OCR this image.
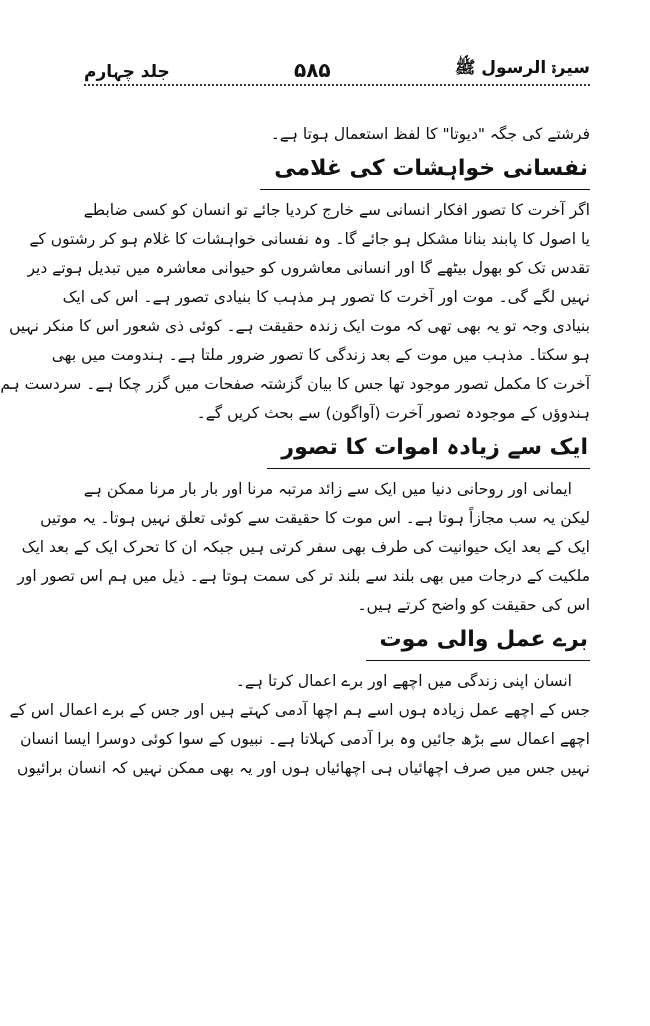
جلد چہارم	۵۸۵	سیرۃ الرسول ﷺ
فرشتے کی جگہ "دیوتا" کا لفظ استعمال ہوتا ہے۔
نفسانی خواہشات کی غلامی
اگر آخرت کا تصور افکار انسانی سے خارج کردیا جائے تو انسان کو کسی ضابطے
یا اصول کا پابند بنانا مشکل ہو جائے گا۔ وہ نفسانی خواہشات کا غلام ہو کر رشتوں کے
تقدس تک کو بھول بیٹھے گا اور انسانی معاشروں کو حیوانی معاشرہ میں تبدیل ہوتے دیر
نہیں لگے گی۔ موت اور آخرت کا تصور ہر مذہب کا بنیادی تصور ہے۔ اس کی ایک
بنیادی وجہ تو یہ بھی تھی کہ موت ایک زندہ حقیقت ہے۔ کوئی ذی شعور اس کا منکر نہیں
ہو سکتا۔ مذہب میں موت کے بعد زندگی کا تصور ضرور ملتا ہے۔ ہندومت میں بھی
آخرت کا مکمل تصور موجود تھا جس کا بیان گزشتہ صفحات میں گزر چکا ہے۔ سردست ہم
ہندوؤں کے موجودہ تصور آخرت (آواگون) سے بحث کریں گے۔
ایک سے زیادہ اموات کا تصور
ایمانی اور روحانی دنیا میں ایک سے زائد مرتبہ مرنا اور بار بار مرنا ممکن ہے
لیکن یہ سب مجازاً ہوتا ہے۔ اس موت کا حقیقت سے کوئی تعلق نہیں ہوتا۔ یہ موتیں
ایک کے بعد ایک حیوانیت کی طرف بھی سفر کرتی ہیں جبکہ ان کا تحرک ایک کے بعد ایک
ملکیت کے درجات میں بھی بلند سے بلند تر کی سمت ہوتا ہے۔ ذیل میں ہم اس تصور اور
اس کی حقیقت کو واضح کرتے ہیں۔
برے عمل والی موت
انسان اپنی زندگی میں اچھے اور برے اعمال کرتا ہے۔
جس کے اچھے عمل زیادہ ہوں اسے ہم اچھا آدمی کہتے ہیں اور جس کے برے اعمال اس کے
اچھے اعمال سے بڑھ جائیں وہ برا آدمی کہلاتا ہے۔ نبیوں کے سوا کوئی دوسرا ایسا انسان
نہیں جس میں صرف اچھائیاں ہی اچھائیاں ہوں اور یہ بھی ممکن نہیں کہ انسان برائیوں
